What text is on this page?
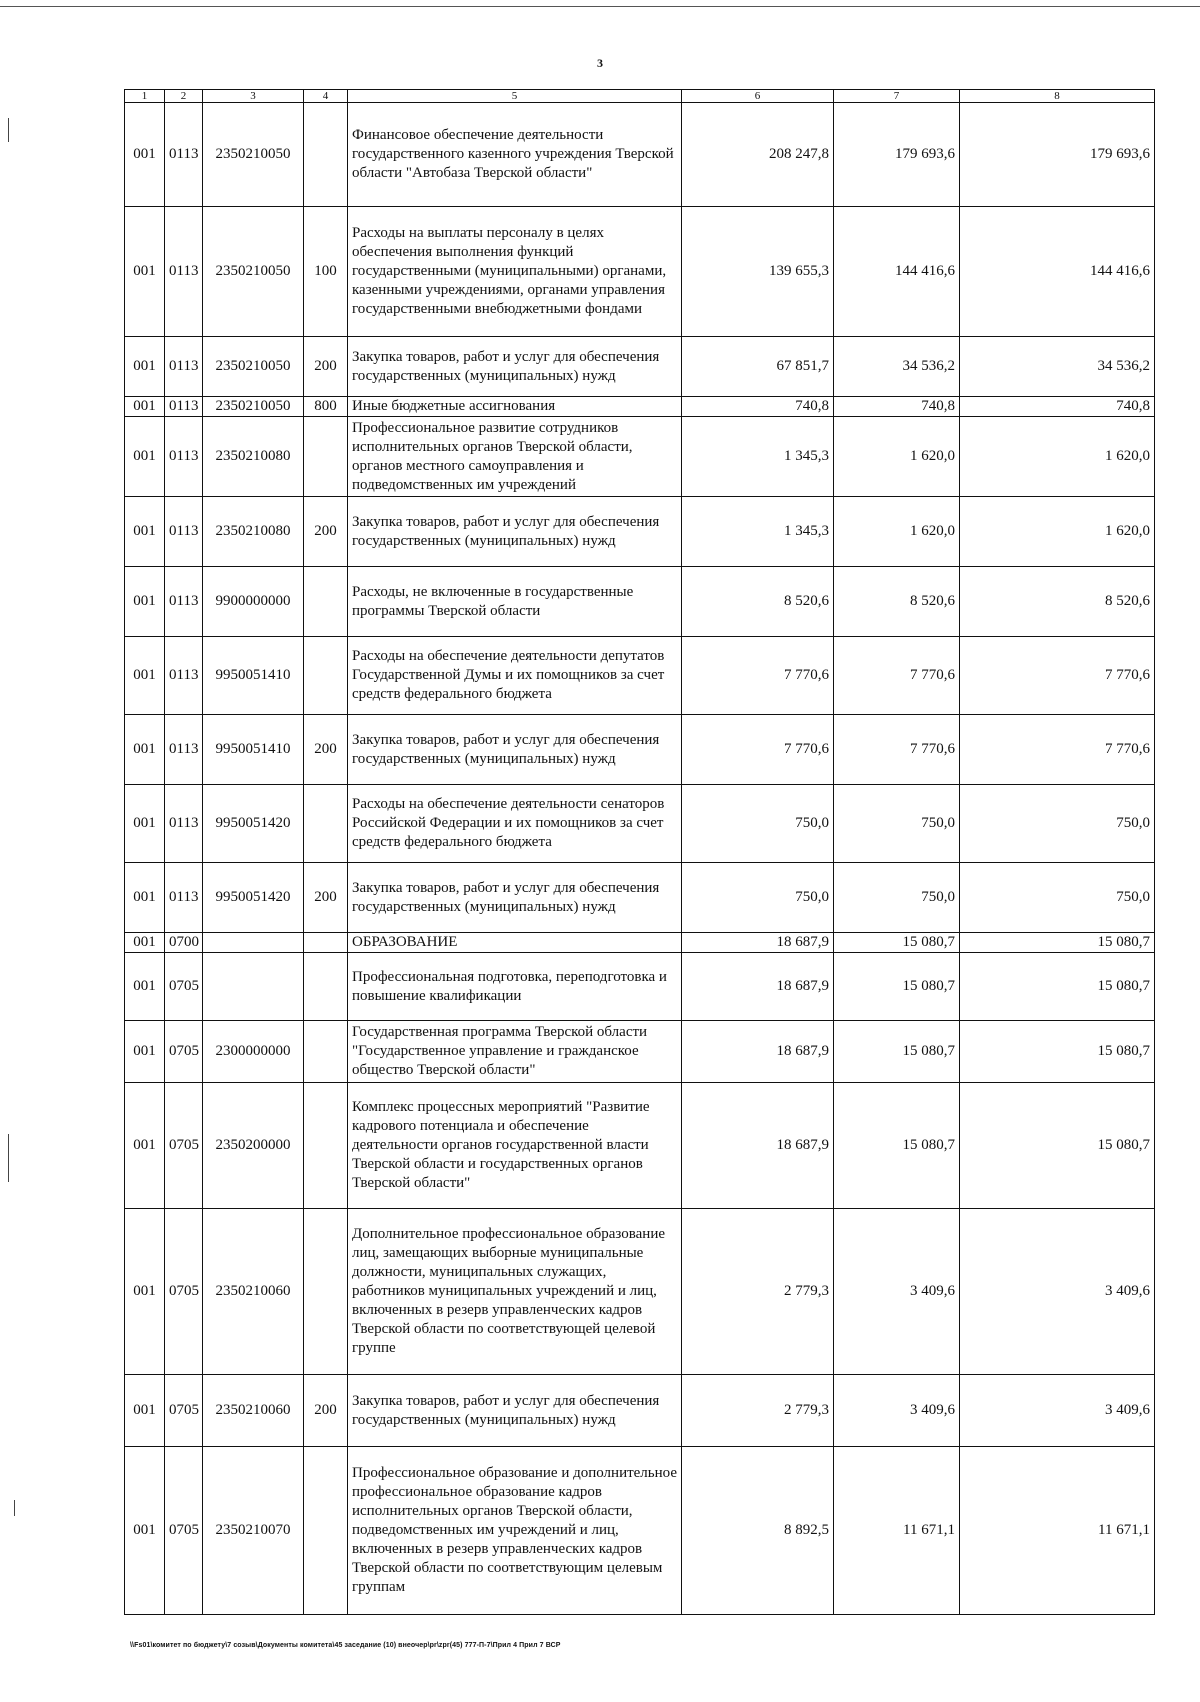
3
1	2	3	4	5	6	7	8
001	0113	2350210050		Финансовое обеспечение деятельности государственного казенного учреждения Тверской области "Автобаза Тверской области"	208 247,8	179 693,6	179 693,6
001	0113	2350210050	100	Расходы на выплаты персоналу в целях обеспечения выполнения функций государственными (муниципальными) органами, казенными учреждениями, органами управления государственными внебюджетными фондами	139 655,3	144 416,6	144 416,6
001	0113	2350210050	200	Закупка товаров, работ и услуг для обеспечения государственных (муниципальных) нужд	67 851,7	34 536,2	34 536,2
001	0113	2350210050	800	Иные бюджетные ассигнования	740,8	740,8	740,8
001	0113	2350210080		Профессиональное развитие сотрудников исполнительных органов Тверской области, органов местного самоуправления и подведомственных им учреждений	1 345,3	1 620,0	1 620,0
001	0113	2350210080	200	Закупка товаров, работ и услуг для обеспечения государственных (муниципальных) нужд	1 345,3	1 620,0	1 620,0
001	0113	9900000000		Расходы, не включенные в государственные программы Тверской области	8 520,6	8 520,6	8 520,6
001	0113	9950051410		Расходы на обеспечение деятельности депутатов Государственной Думы и их помощников за счет средств федерального бюджета	7 770,6	7 770,6	7 770,6
001	0113	9950051410	200	Закупка товаров, работ и услуг для обеспечения государственных (муниципальных) нужд	7 770,6	7 770,6	7 770,6
001	0113	9950051420		Расходы на обеспечение деятельности сенаторов Российской Федерации и их помощников за счет средств федерального бюджета	750,0	750,0	750,0
001	0113	9950051420	200	Закупка товаров, работ и услуг для обеспечения государственных (муниципальных) нужд	750,0	750,0	750,0
001	0700			ОБРАЗОВАНИЕ	18 687,9	15 080,7	15 080,7
001	0705			Профессиональная подготовка, переподготовка и повышение квалификации	18 687,9	15 080,7	15 080,7
001	0705	2300000000		Государственная программа Тверской области "Государственное управление и гражданское общество Тверской области"	18 687,9	15 080,7	15 080,7
001	0705	2350200000		Комплекс процессных мероприятий "Развитие кадрового потенциала и обеспечение деятельности органов государственной власти Тверской области и государственных органов Тверской области"	18 687,9	15 080,7	15 080,7
001	0705	2350210060		Дополнительное профессиональное образование лиц, замещающих выборные муниципальные должности, муниципальных служащих, работников муниципальных учреждений и лиц, включенных в резерв управленческих кадров Тверской области по соответствующей целевой группе	2 779,3	3 409,6	3 409,6
001	0705	2350210060	200	Закупка товаров, работ и услуг для обеспечения государственных (муниципальных) нужд	2 779,3	3 409,6	3 409,6
001	0705	2350210070		Профессиональное образование и дополнительное профессиональное образование кадров исполнительных органов Тверской области, подведомственных им учреждений и лиц, включенных в резерв управленческих кадров Тверской области по соответствующим целевым группам	8 892,5	11 671,1	11 671,1
\\Fs01\комитет по бюджету\7 созыв\Документы комитета\45 заседание (10) внеочер\pr\zpr(45) 777-П-7\Прил 4 Прил 7 ВСР
